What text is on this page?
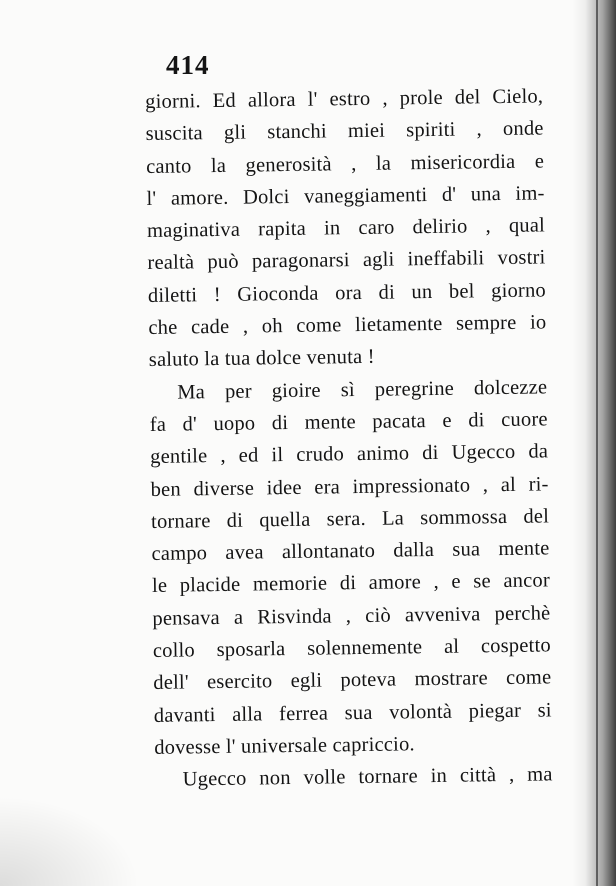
414
giorni. Ed allora l' estro , prole del Cielo,
suscita gli stanchi miei spiriti , onde
canto la generosità , la misericordia e
l' amore. Dolci vaneggiamenti d' una im-
maginativa rapita in caro delirio , qual
realtà può paragonarsi agli ineffabili vostri
diletti ! Gioconda ora di un bel giorno
che cade , oh come lietamente sempre io
saluto la tua dolce venuta !
Ma per gioire sì peregrine dolcezze
fa d' uopo di mente pacata e di cuore
gentile , ed il crudo animo di Ugecco da
ben diverse idee era impressionato , al ri-
tornare di quella sera. La sommossa del
campo avea allontanato dalla sua mente
le placide memorie di amore , e se ancor
pensava a Risvinda , ciò avveniva perchè
collo sposarla solennemente al cospetto
dell' esercito egli poteva mostrare come
davanti alla ferrea sua volontà piegar si
dovesse l' universale capriccio.
Ugecco non volle tornare in città , ma
